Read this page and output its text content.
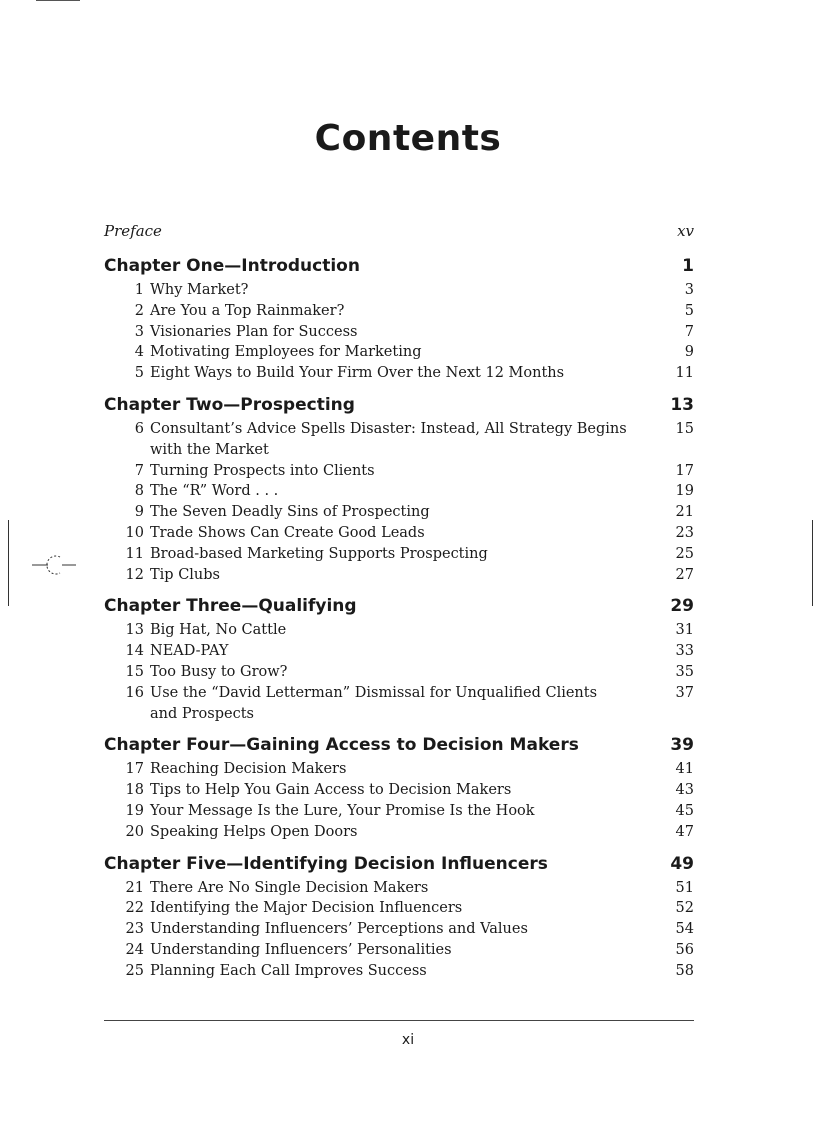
Contents
Preface	xv
Chapter One—Introduction	1
1 Why Market?	3
2 Are You a Top Rainmaker?	5
3 Visionaries Plan for Success	7
4 Motivating Employees for Marketing	9
5 Eight Ways to Build Your Firm Over the Next 12 Months	11
Chapter Two—Prospecting	13
6 Consultant’s Advice Spells Disaster: Instead, All Strategy Begins with the Market
15
7 Turning Prospects into Clients	17
8 The “R” Word . . .	19
9 The Seven Deadly Sins of Prospecting	21
10 Trade Shows Can Create Good Leads	23
11 Broad-based Marketing Supports Prospecting	25
12 Tip Clubs	27
Chapter Three—Qualifying	29
13 Big Hat, No Cattle	31
14 NEAD-PAY	33
15 Too Busy to Grow?	35
16 Use the “David Letterman” Dismissal for Unqualified Clients and Prospects
37
Chapter Four—Gaining Access to Decision Makers	39
17 Reaching Decision Makers	41
18 Tips to Help You Gain Access to Decision Makers	43
19 Your Message Is the Lure, Your Promise Is the Hook	45
20 Speaking Helps Open Doors	47
Chapter Five—Identifying Decision Influencers	49
21 There Are No Single Decision Makers	51
22 Identifying the Major Decision Influencers	52
23 Understanding Influencers’ Perceptions and Values	54
24 Understanding Influencers’ Personalities	56
25 Planning Each Call Improves Success	58
xi
